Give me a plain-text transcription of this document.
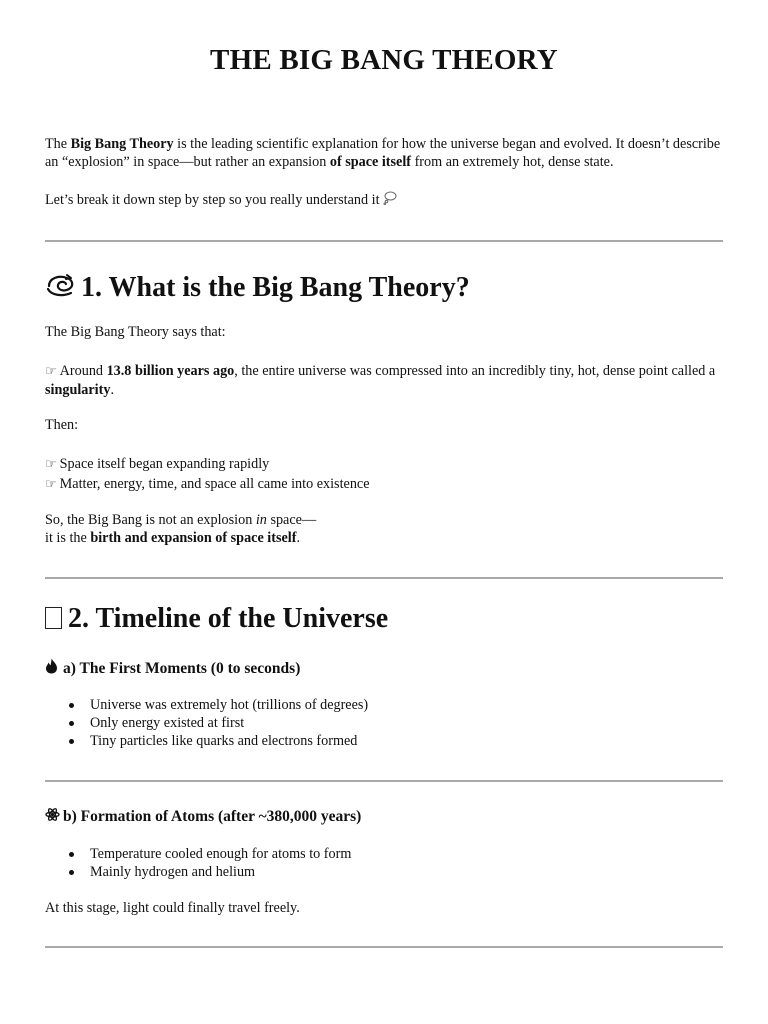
THE BIG BANG THEORY

The Big Bang Theory is the leading scientific explanation for how the universe began and evolved. It doesn’t describe an “explosion” in space—but rather an expansion of space itself from an extremely hot, dense state.

Let’s break it down step by step so you really understand it

1. What is the Big Bang Theory?

The Big Bang Theory says that:

☞ Around 13.8 billion years ago, the entire universe was compressed into an incredibly tiny, hot, dense point called a singularity.

Then:

☞ Space itself began expanding rapidly

☞ Matter, energy, time, and space all came into existence

So, the Big Bang is not an explosion in space—
it is the birth and expansion of space itself.

2. Timeline of the Universe
a) The First Moments (0 to seconds)
Universe was extremely hot (trillions of degrees)
Only energy existed at first
Tiny particles like quarks and electrons formed
b) Formation of Atoms (after ~380,000 years)
Temperature cooled enough for atoms to form
Mainly hydrogen and helium

At this stage, light could finally travel freely.
